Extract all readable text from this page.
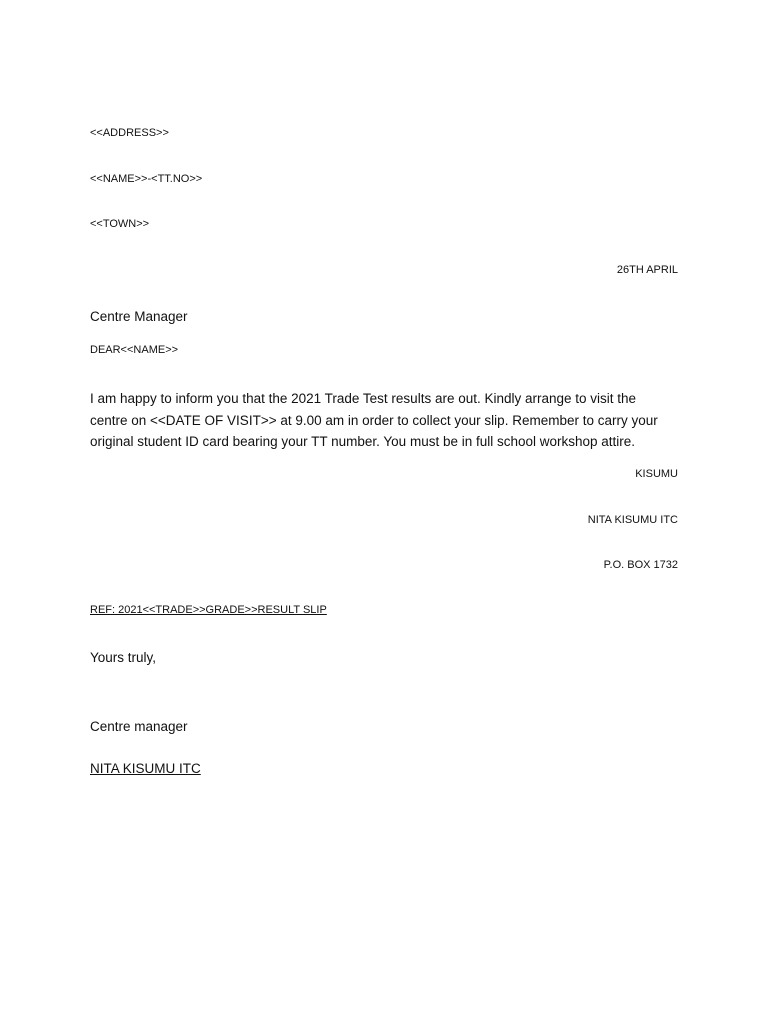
<<ADDRESS>>
<<NAME>>-<TT.NO>>
<<TOWN>>
26TH APRIL
Centre Manager
DEAR<<NAME>>
I am happy to inform you that the 2021 Trade Test results are out. Kindly arrange to visit the
centre on <<DATE OF VISIT>> at 9.00 am in order to collect your slip. Remember to carry your
original student ID card bearing your TT number. You must be in full school workshop attire.
KISUMU
NITA KISUMU ITC
P.O. BOX 1732
REF: 2021<<TRADE>>GRADE>>RESULT SLIP
Yours truly,
Centre manager
NITA KISUMU ITC
